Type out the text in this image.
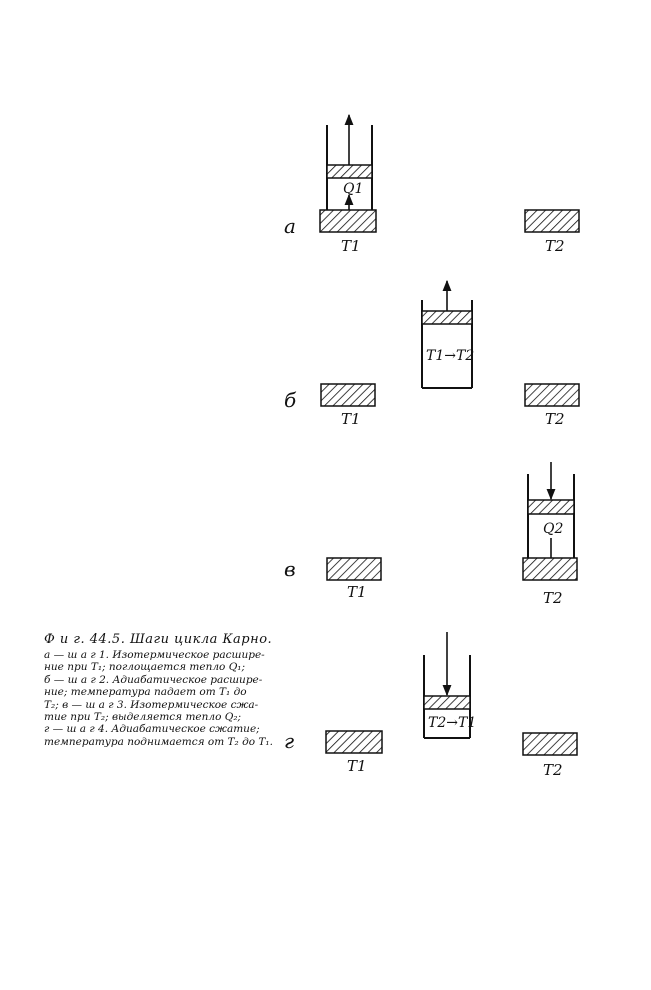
а
Q1
T1	T2
б
T1→T2
T1	T2
в
T1
Q2
T2
г
T2→T1
T1	T2
Ф и г. 44.5. Шаги цикла Карно.
а — ш а г 1. Изотермическое расшире-
ние при T₁; поглощается тепло Q₁;
б — ш а г 2. Адиабатическое расшире-
ние; температура падает от T₁ до
T₂; в — ш а г 3. Изотермическое сжа-
тие при T₂; выделяется тепло Q₂;
г — ш а г 4. Адиабатическое сжатие;
температура поднимается от T₂ до T₁.
